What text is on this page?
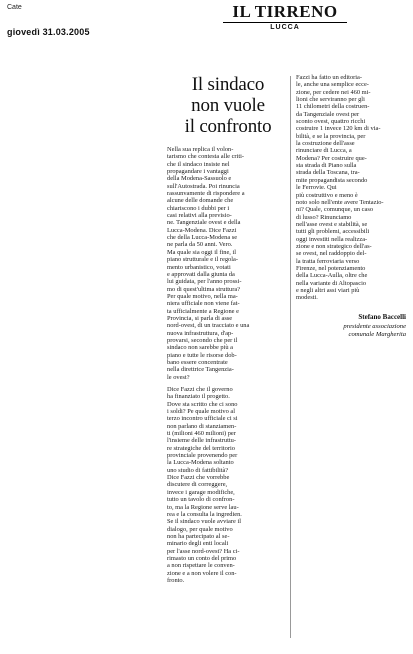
Cate
giovedì 31.03.2005
IL TIRRENO
LUCCA
Il sindaco
non vuole
il confronto
Nella sua replica il volon-
tarismo che contesta alle criti-
che il sindaco insiste nel
propagandare i vantaggi
della Modena-Sassuolo e
sull'Autostrada. Poi rinuncia
rassunvamente di rispondere a
alcune delle domande che
chiariscono i dubbi per i
casi relativi alla previsio-
ne. Tangenziale ovest e della
Lucca-Modena. Dice Fazzi
che della Lucca-Modena se
ne parla da 50 anni. Vero.
Ma quale sia oggi il fine, il
piano strutturale e il regola-
mento urbanistico, votati
e approvati dalla giunta da
lui guidata, per l'anno prossi-
mo di quest'ultima struttura?
Per quale motivo, nella ma-
niera ufficiale non viene fat-
ta ufficialmente a Regione e
Provincia, si parla di asse
nord-ovest, di un tracciato e una
nuova infrastruttura, d'ap-
provarsi, secondo che per il
sindaco non sarebbe più a
piano e tutte le risorse dob-
bano essere concentrate
nella direttrice Tangenzia-
le ovest?
Dice Fazzi che il governo
ha finanziato il progetto.
Dove sta scritto che ci sono
i soldi? Pe quale motivo al
terzo incontro ufficiale ci si
non parlano di stanziamen-
ti (milioni 460 milioni) per
l'insieme delle infrastruttu-
re strategiche del territorio
provinciale provenendo per
la Lucca-Modena soltanto
uno studio di fattibilità?
Dice Fazzi che vorrebbe
discutere di correggere,
invece i garage modifiche,
tutto un tavolo di confron-
to, ma la Regione serve lau-
rea e la consulta la ingredien.
Se il sindaco vuole avviare il
dialogo, per quale motivo
non ha partecipato al se-
minario degli enti locali
per l'asse nord-ovest? Ha ci-
rimasto un conto del primo
a non rispettare le conven-
zione e a non volere il con-
fronto.
Fazzi ha fatto un editoria-
le, anche una semplice ecce-
zione, per cedere nei 460 mi-
lioni che serviranno per gli
11 chilometri della costruen-
da Tangenziale ovest per
sconto ovest, quattro ricchi
costruire 1 invece 120 km di via-
bilità, e se la provincia, per
la costruzione dell'asse
rinunciare di Lucca, a
Modena? Per costruire que-
sta strada di Piano sulla
strada della Toscana, tra-
mite propagandista secondo
le Ferrovie. Qui
più costruttivo e meno è
noto solo nell'ente avere Tentazio-
ni? Quale, comunque, un caso
di lusso? Rinunciamo
nell'asse ovest e stabilità, se
tutti gli problemi, accessibili
oggi investiti nella realizza-
zione e non strategico dell'as-
se ovest, nel raddoppio del-
la tratta ferroviaria verso
Firenze, nel potenziamento
della Lucca-Aulla, oltre che
nella variante di Altopascio
e negli altri assi viari più
modesti.
Stefano Baccelli
presidente associazione
comunale Margherita
